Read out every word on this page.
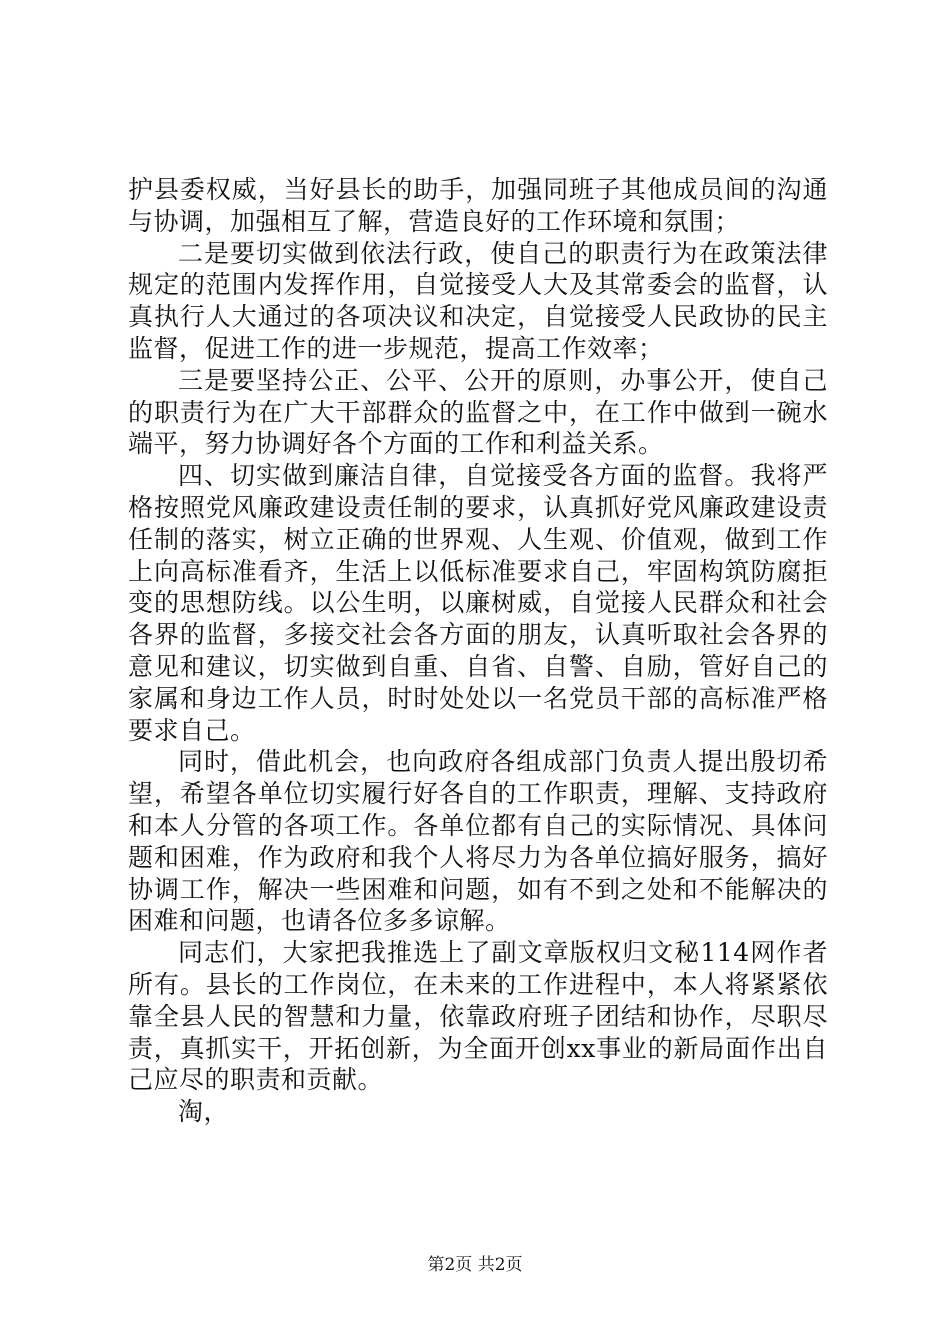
护县委权威，当好县长的助手，加强同班子其他成员间的沟通与协调，加强相互了解，营造良好的工作环境和氛围；

二是要切实做到依法行政，使自己的职责行为在政策法律规定的范围内发挥作用，自觉接受人大及其常委会的监督，认真执行人大通过的各项决议和决定，自觉接受人民政协的民主监督，促进工作的进一步规范，提高工作效率；

三是要坚持公正、公平、公开的原则，办事公开，使自己的职责行为在广大干部群众的监督之中，在工作中做到一碗水端平，努力协调好各个方面的工作和利益关系。

四、切实做到廉洁自律，自觉接受各方面的监督。我将严格按照党风廉政建设责任制的要求，认真抓好党风廉政建设责任制的落实，树立正确的世界观、人生观、价值观，做到工作上向高标准看齐，生活上以低标准要求自己，牢固构筑防腐拒变的思想防线。以公生明，以廉树威，自觉接人民群众和社会各界的监督，多接交社会各方面的朋友，认真听取社会各界的意见和建议，切实做到自重、自省、自警、自励，管好自己的家属和身边工作人员，时时处处以一名党员干部的高标准严格要求自己。

同时，借此机会，也向政府各组成部门负责人提出殷切希望，希望各单位切实履行好各自的工作职责，理解、支持政府和本人分管的各项工作。各单位都有自己的实际情况、具体问题和困难，作为政府和我个人将尽力为各单位搞好服务，搞好协调工作，解决一些困难和问题，如有不到之处和不能解决的困难和问题，也请各位多多谅解。

同志们，大家把我推选上了副文章版权归文秘114网作者所有。县长的工作岗位，在未来的工作进程中，本人将紧紧依靠全县人民的智慧和力量，依靠政府班子团结和协作，尽职尽责，真抓实干，开拓创新，为全面开创xx事业的新局面作出自己应尽的职责和贡献。

淘，

第2页 共2页
